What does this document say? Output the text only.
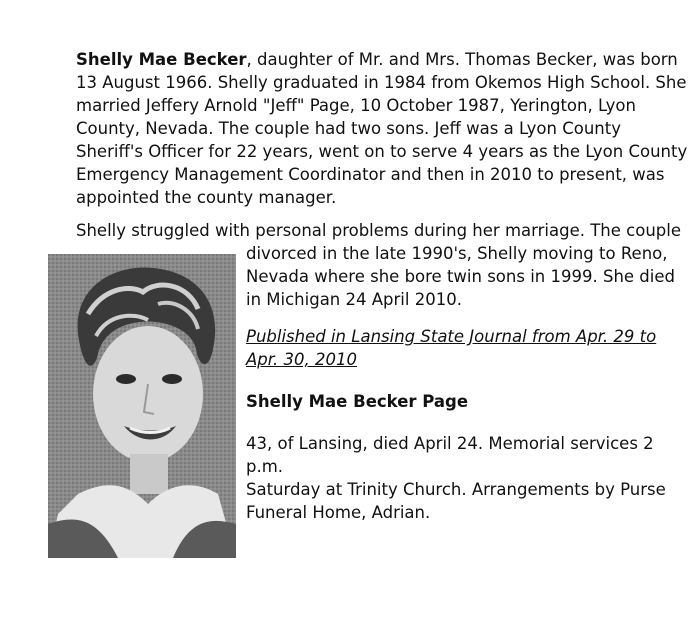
Shelly Mae Becker, daughter of Mr. and Mrs. Thomas Becker, was born
13 August 1966. Shelly graduated in 1984 from Okemos High School. She
married Jeffery Arnold "Jeff" Page, 10 October 1987, Yerington, Lyon
County, Nevada. The couple had two sons. Jeff was a Lyon County
Sheriff's Officer for 22 years, went on to serve 4 years as the Lyon County
Emergency Management Coordinator and then in 2010 to present, was
appointed the county manager.
Shelly struggled with personal problems during her marriage. The couple
divorced in the late 1990's, Shelly moving to Reno,
Nevada where she bore twin sons in 1999. She died
in Michigan 24 April 2010.
Published in Lansing State Journal from Apr. 29 to
Apr. 30, 2010
Shelly Mae Becker Page
43, of Lansing, died April 24. Memorial services 2
p.m.
Saturday at Trinity Church. Arrangements by Purse
Funeral Home, Adrian.
